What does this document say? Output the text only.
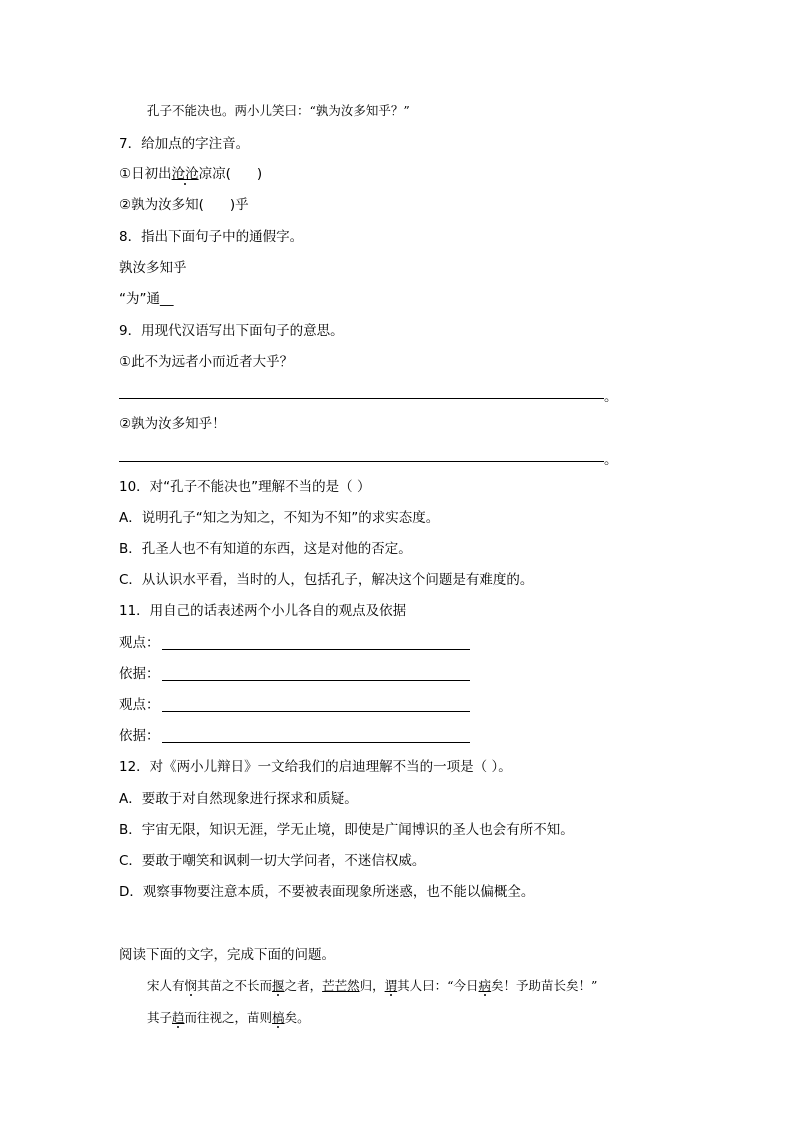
孔子不能决也。两小儿笑曰：“孰为汝多知乎？”
7．给加点的字注音。
①日初出沧沧凉凉( )
②孰为汝多知( )乎
8．指出下面句子中的通假字。
孰汝多知乎
“为”通__
9．用现代汉语写出下面句子的意思。
①此不为远者小而近者大乎？
。
②孰为汝多知乎！
。
10．对“孔子不能决也”理解不当的是（ ）
A．说明孔子“知之为知之，不知为不知”的求实态度。
B．孔圣人也不有知道的东西，这是对他的否定。
C．从认识水平看，当时的人，包括孔子，解决这个问题是有难度的。
11．用自己的话表述两个小儿各自的观点及依据
观点：
依据：
观点：
依据：
12．对《两小儿辩日》一文给我们的启迪理解不当的一项是（ ）。
A．要敢于对自然现象进行探求和质疑。
B．宇宙无限，知识无涯，学无止境，即使是广闻博识的圣人也会有所不知。
C．要敢于嘲笑和讽刺一切大学问者，不迷信权威。
D．观察事物要注意本质，不要被表面现象所迷惑，也不能以偏概全。
阅读下面的文字，完成下面的问题。
宋人有悯其苗之不长而揠之者，芒芒然归，谓其人曰：“今日病矣！予助苗长矣！”
其子趋而往视之，苗则槁矣。
